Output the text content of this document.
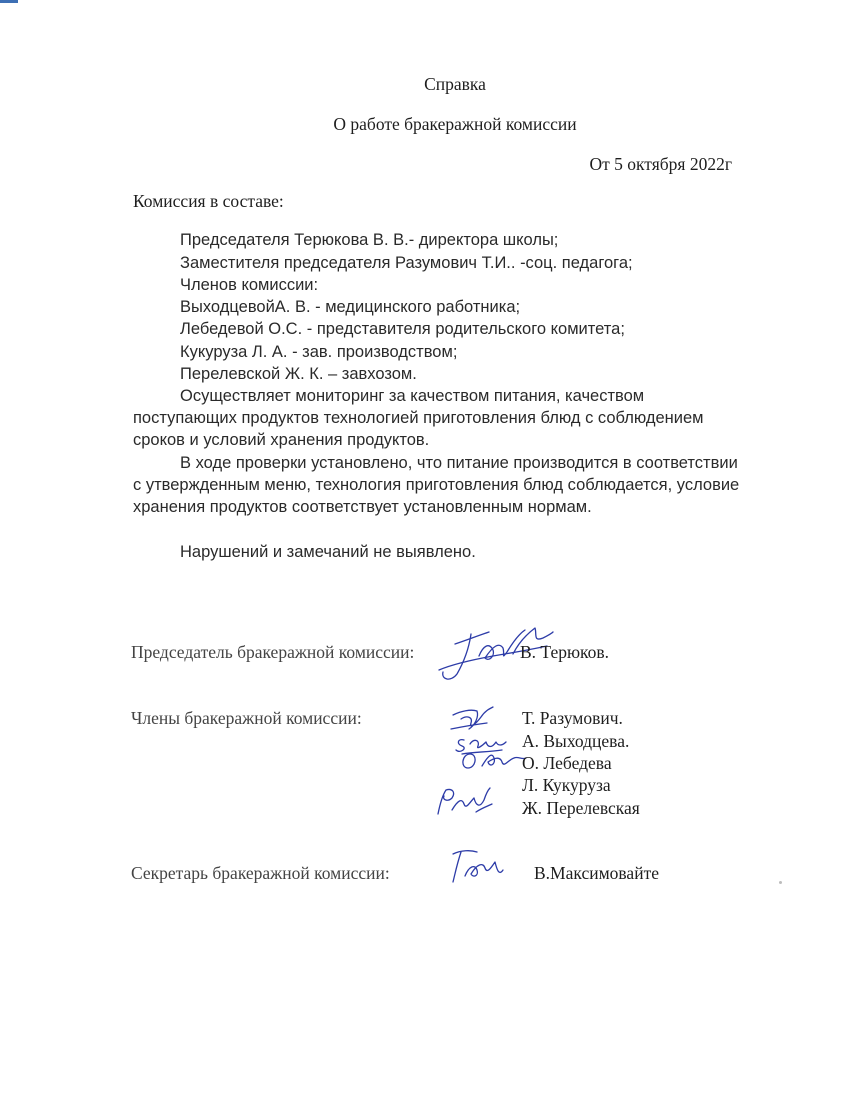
Справка
О работе бракеражной комиссии
От 5 октября 2022г
Комиссия в составе:
Председателя Терюкова В. В.- директора школы;
Заместителя председателя Разумович Т.И.. -соц. педагога;
Членов комиссии:
ВыходцевойА. В. - медицинского работника;
Лебедевой О.С. - представителя родительского комитета;
Кукуруза Л. А. - зав. производством;
Перелевской Ж. К. – завхозом.

Осуществляет мониторинг за качеством питания, качеством поступающих продуктов технологией приготовления блюд с соблюдением сроков и условий хранения продуктов.

В ходе проверки установлено, что питание производится в соответствии с утвержденным меню, технология приготовления блюд соблюдается, условие хранения продуктов соответствует установленным нормам.

Нарушений и замечаний не выявлено.

Председатель бракеражной комиссии:	В. Терюков.
Члены бракеражной комиссии:	Т. Разумович.
А. Выходцева.
О. Лебедева
Л. Кукуруза
Ж. Перелевская
Секретарь бракеражной комиссии:	В.Максимовайте
